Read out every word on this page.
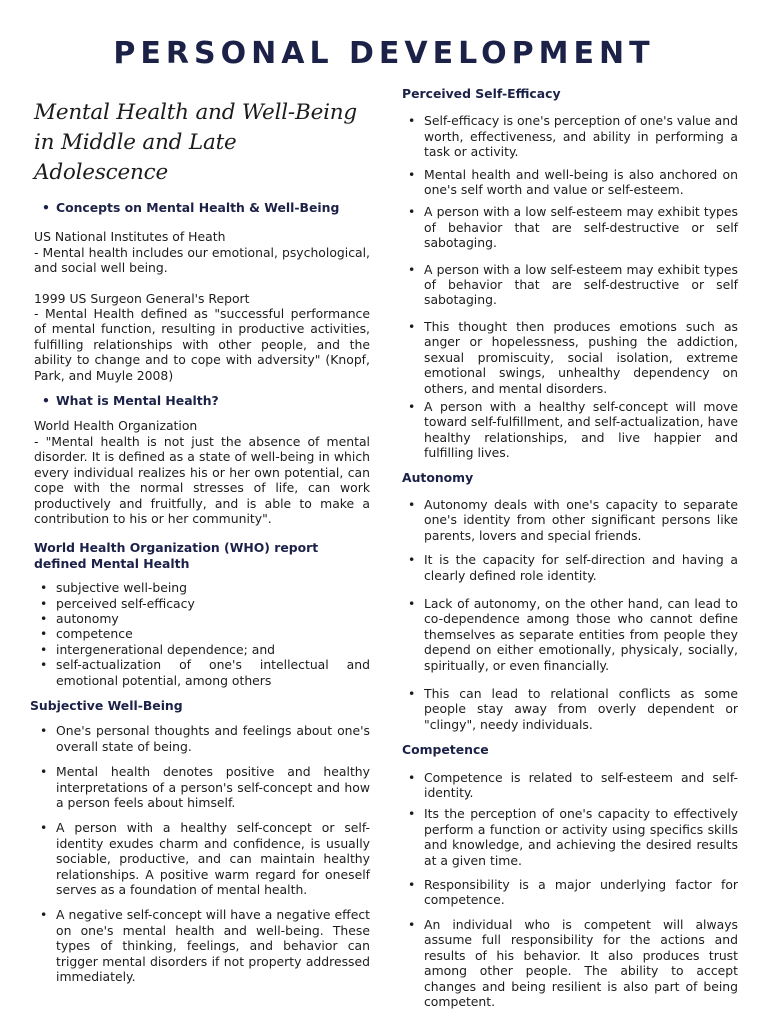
PERSONAL DEVELOPMENT
Mental Health and Well-Being
in Middle and Late Adolescence

• Concepts on Mental Health & Well-Being

US National Institutes of Heath

- Mental health includes our emotional, psychological, and social well being.

1999 US Surgeon General's Report

- Mental Health defined as "successful performance of mental function, resulting in productive activities, fulfilling relationships with other people, and the ability to change and to cope with adversity" (Knopf, Park, and Muyle 2008)

• What is Mental Health?

World Health Organization

- "Mental health is not just the absence of mental disorder. It is defined as a state of well-being in which every individual realizes his or her own potential, can cope with the normal stresses of life, can work productively and fruitfully, and is able to make a contribution to his or her community".

World Health Organization (WHO) report defined Mental Health

• subjective well-being
• perceived self-efficacy
• autonomy
• competence
• intergenerational dependence; and
• self-actualization of one's intellectual and emotional potential, among others

Subjective Well-Being

• One's personal thoughts and feelings about one's overall state of being.
• Mental health denotes positive and healthy interpretations of a person's self-concept and how a person feels about himself.
• A person with a healthy self-concept or self-identity exudes charm and confidence, is usually sociable, productive, and can maintain healthy relationships. A positive warm regard for oneself serves as a foundation of mental health.
• A negative self-concept will have a negative effect on one's mental health and well-being. These types of thinking, feelings, and behavior can trigger mental disorders if not property addressed immediately.

Perceived Self-Efficacy

• Self-efficacy is one's perception of one's value and worth, effectiveness, and ability in performing a task or activity.
• Mental health and well-being is also anchored on one's self worth and value or self-esteem.
• A person with a low self-esteem may exhibit types of behavior that are self-destructive or self sabotaging.
• A person with a low self-esteem may exhibit types of behavior that are self-destructive or self sabotaging.
• This thought then produces emotions such as anger or hopelessness, pushing the addiction, sexual promiscuity, social isolation, extreme emotional swings, unhealthy dependency on others, and mental disorders.
• A person with a healthy self-concept will move toward self-fulfillment, and self-actualization, have healthy relationships, and live happier and fulfilling lives.

Autonomy

• Autonomy deals with one's capacity to separate one's identity from other significant persons like parents, lovers and special friends.
• It is the capacity for self-direction and having a clearly defined role identity.
• Lack of autonomy, on the other hand, can lead to co-dependence among those who cannot define themselves as separate entities from people they depend on either emotionally, physicaly, socially, spiritually, or even financially.
• This can lead to relational conflicts as some people stay away from overly dependent or "clingy", needy individuals.

Competence

• Competence is related to self-esteem and self-identity.
• Its the perception of one's capacity to effectively perform a function or activity using specifics skills and knowledge, and achieving the desired results at a given time.
• Responsibility is a major underlying factor for competence.
• An individual who is competent will always assume full responsibility for the actions and results of his behavior. It also produces trust among other people. The ability to accept changes and being resilient is also part of being competent.
